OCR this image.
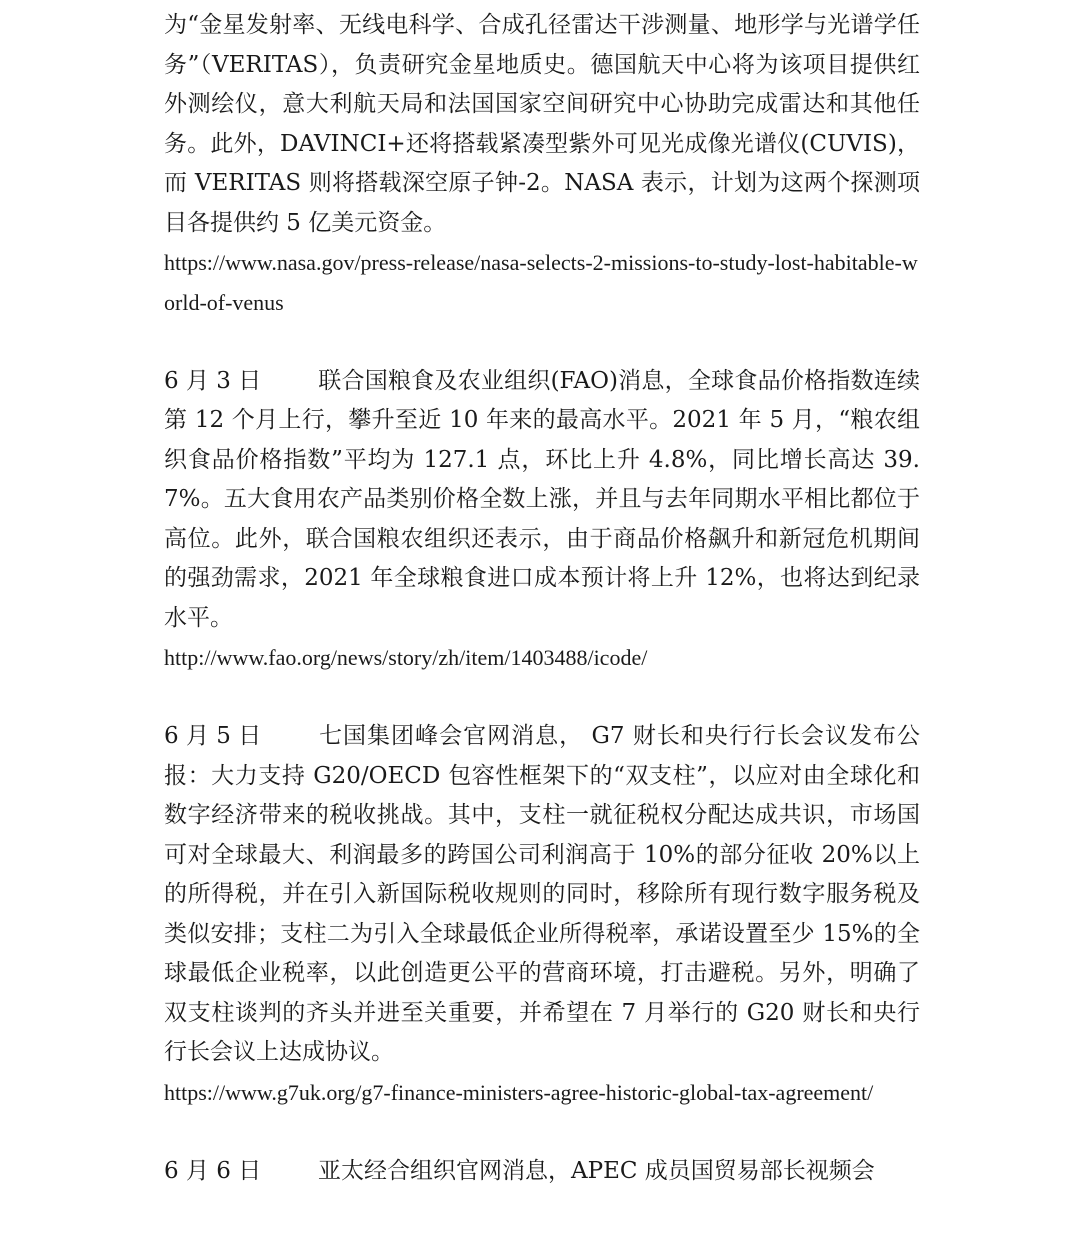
为“金星发射率、无线电科学、合成孔径雷达干涉测量、地形学与光谱学任务”（VERITAS），负责研究金星地质史。德国航天中心将为该项目提供红外测绘仪，意大利航天局和法国国家空间研究中心协助完成雷达和其他任务。此外，DAVINCI+还将搭载紧凑型紫外可见光成像光谱仪(CUVIS)，而 VERITAS 则将搭载深空原子钟-2。NASA 表示，计划为这两个探测项目各提供约 5 亿美元资金。

https://www.nasa.gov/press-release/nasa-selects-2-missions-to-study-lost-habitable-world-of-venus

6 月 3 日 联合国粮食及农业组织(FAO)消息，全球食品价格指数连续第 12 个月上行，攀升至近 10 年来的最高水平。2021 年 5 月，“粮农组织食品价格指数”平均为 127.1 点，环比上升 4.8%，同比增长高达 39.7%。五大食用农产品类别价格全数上涨，并且与去年同期水平相比都位于高位。此外，联合国粮农组织还表示，由于商品价格飙升和新冠危机期间的强劲需求，2021 年全球粮食进口成本预计将上升 12%，也将达到纪录水平。

http://www.fao.org/news/story/zh/item/1403488/icode/

6 月 5 日 七国集团峰会官网消息， G7 财长和央行行长会议发布公报：大力支持 G20/OECD 包容性框架下的“双支柱”，以应对由全球化和数字经济带来的税收挑战。其中，支柱一就征税权分配达成共识，市场国可对全球最大、利润最多的跨国公司利润高于 10%的部分征收 20%以上的所得税，并在引入新国际税收规则的同时，移除所有现行数字服务税及类似安排；支柱二为引入全球最低企业所得税率，承诺设置至少 15%的全球最低企业税率，以此创造更公平的营商环境，打击避税。另外，明确了双支柱谈判的齐头并进至关重要，并希望在 7 月举行的 G20 财长和央行行长会议上达成协议。

https://www.g7uk.org/g7-finance-ministers-agree-historic-global-tax-agreement/

6 月 6 日 亚太经合组织官网消息，APEC 成员国贸易部长视频会
